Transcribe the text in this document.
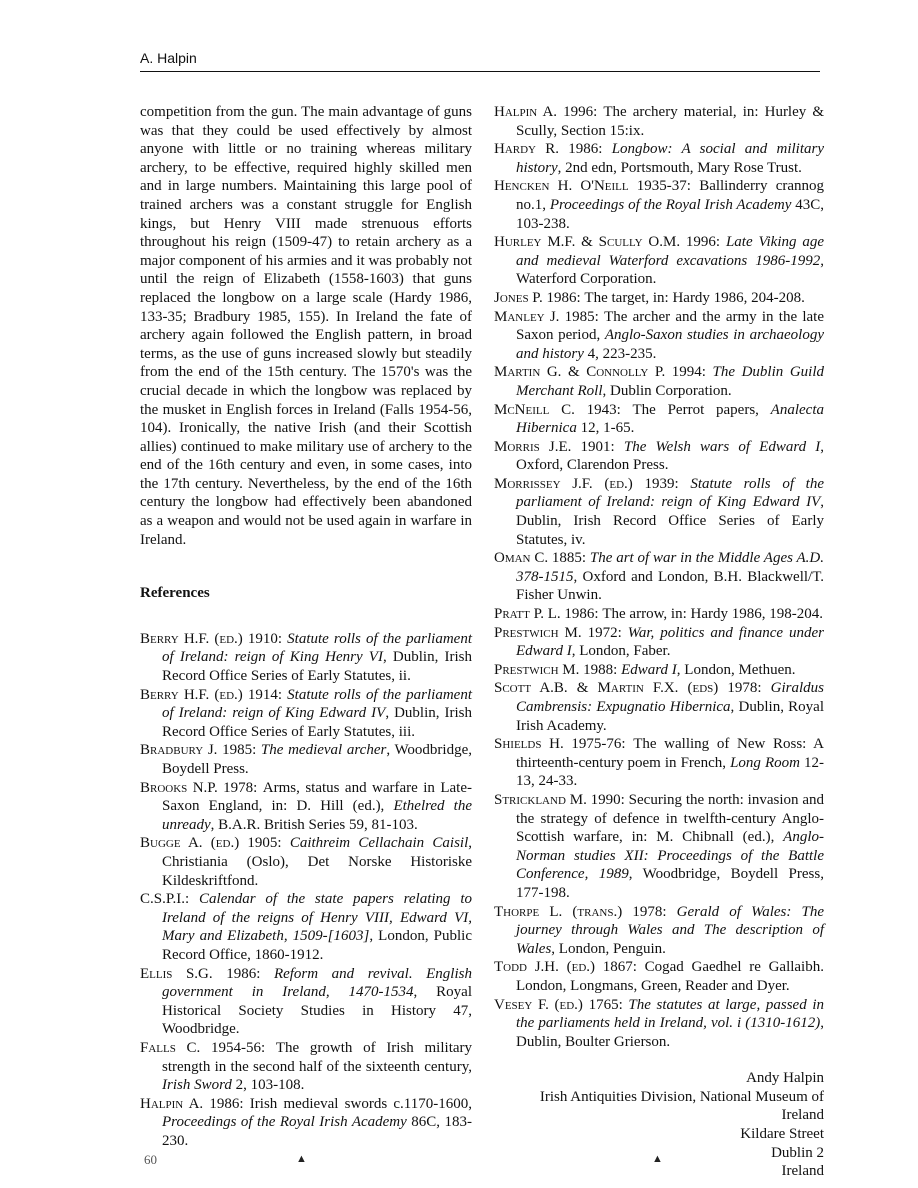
A. Halpin

competition from the gun. The main advantage of guns was that they could be used effectively by almost anyone with little or no training whereas military archery, to be effective, required highly skilled men and in large numbers. Maintaining this large pool of trained archers was a constant struggle for English kings, but Henry VIII made strenuous efforts throughout his reign (1509-47) to retain archery as a major component of his armies and it was probably not until the reign of Elizabeth (1558-1603) that guns replaced the longbow on a large scale (Hardy 1986, 133-35; Bradbury 1985, 155). In Ireland the fate of archery again followed the English pattern, in broad terms, as the use of guns increased slowly but steadily from the end of the 15th century. The 1570's was the crucial decade in which the longbow was replaced by the musket in English forces in Ireland (Falls 1954-56, 104). Ironically, the native Irish (and their Scottish allies) continued to make military use of archery to the end of the 16th century and even, in some cases, into the 17th century. Nevertheless, by the end of the 16th century the longbow had effectively been abandoned as a weapon and would not be used again in warfare in Ireland.

References

Berry H.F. (ed.) 1910: Statute rolls of the parliament of Ireland: reign of King Henry VI, Dublin, Irish Record Office Series of Early Statutes, ii.

Berry H.F. (ed.) 1914: Statute rolls of the parliament of Ireland: reign of King Edward IV, Dublin, Irish Record Office Series of Early Statutes, iii.

Bradbury J. 1985: The medieval archer, Woodbridge, Boydell Press.

Brooks N.P. 1978: Arms, status and warfare in Late-Saxon England, in: D. Hill (ed.), Ethelred the unready, B.A.R. British Series 59, 81-103.

Bugge A. (ed.) 1905: Caithreim Cellachain Caisil, Christiania (Oslo), Det Norske Historiske Kildeskriftfond.

C.S.P.I.: Calendar of the state papers relating to Ireland of the reigns of Henry VIII, Edward VI, Mary and Elizabeth, 1509-[1603], London, Public Record Office, 1860-1912.

Ellis S.G. 1986: Reform and revival. English government in Ireland, 1470-1534, Royal Historical Society Studies in History 47, Woodbridge.

Falls C. 1954-56: The growth of Irish military strength in the second half of the sixteenth century, Irish Sword 2, 103-108.

Halpin A. 1986: Irish medieval swords c.1170-1600, Proceedings of the Royal Irish Academy 86C, 183-230.

Halpin A. 1996: The archery material, in: Hurley & Scully, Section 15:ix.

Hardy R. 1986: Longbow: A social and military history, 2nd edn, Portsmouth, Mary Rose Trust.

Hencken H. O'Neill 1935-37: Ballinderry crannog no.1, Proceedings of the Royal Irish Academy 43C, 103-238.

Hurley M.F. & Scully O.M. 1996: Late Viking age and medieval Waterford excavations 1986-1992, Waterford Corporation.

Jones P. 1986: The target, in: Hardy 1986, 204-208.

Manley J. 1985: The archer and the army in the late Saxon period, Anglo-Saxon studies in archaeology and history 4, 223-235.

Martin G. & Connolly P. 1994: The Dublin Guild Merchant Roll, Dublin Corporation.

McNeill C. 1943: The Perrot papers, Analecta Hibernica 12, 1-65.

Morris J.E. 1901: The Welsh wars of Edward I, Oxford, Clarendon Press.

Morrissey J.F. (ed.) 1939: Statute rolls of the parliament of Ireland: reign of King Edward IV, Dublin, Irish Record Office Series of Early Statutes, iv.

Oman C. 1885: The art of war in the Middle Ages A.D. 378-1515, Oxford and London, B.H. Blackwell/T. Fisher Unwin.

Pratt P. L. 1986: The arrow, in: Hardy 1986, 198-204.

Prestwich M. 1972: War, politics and finance under Edward I, London, Faber.

Prestwich M. 1988: Edward I, London, Methuen.

Scott A.B. & Martin F.X. (eds) 1978: Giraldus Cambrensis: Expugnatio Hibernica, Dublin, Royal Irish Academy.

Shields H. 1975-76: The walling of New Ross: A thirteenth-century poem in French, Long Room 12-13, 24-33.

Strickland M. 1990: Securing the north: invasion and the strategy of defence in twelfth-century Anglo-Scottish warfare, in: M. Chibnall (ed.), Anglo-Norman studies XII: Proceedings of the Battle Conference, 1989, Woodbridge, Boydell Press, 177-198.

Thorpe L. (trans.) 1978: Gerald of Wales: The journey through Wales and The description of Wales, London, Penguin.

Todd J.H. (ed.) 1867: Cogad Gaedhel re Gallaibh. London, Longmans, Green, Reader and Dyer.

Vesey F. (ed.) 1765: The statutes at large, passed in the parliaments held in Ireland, vol. i (1310-1612), Dublin, Boulter Grierson.

Andy Halpin
Irish Antiquities Division, National Museum of Ireland
Kildare Street
Dublin 2
Ireland
60	▲	▲
